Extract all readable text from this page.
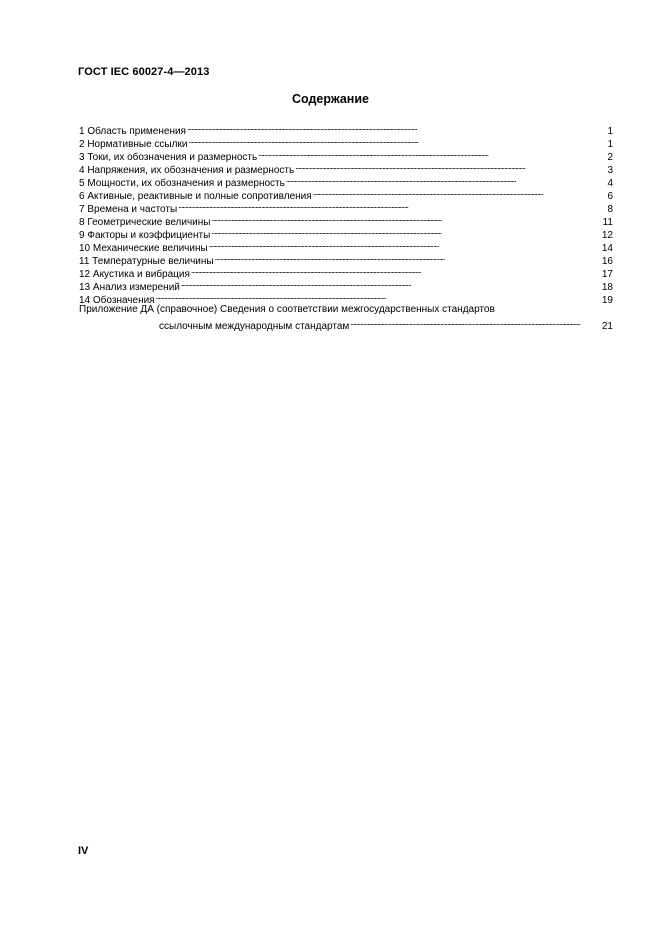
ГОСТ IEC 60027-4—2013
Содержание
1 Область применения . . .	1
2 Нормативные ссылки . . .	1
3 Токи, их обозначения и размерность . . .	2
4 Напряжения, их обозначения и размерность . . .	3
5 Мощности, их обозначения и размерность . . .	4
6 Активные, реактивные и полные сопротивления . . .	6
7 Времена и частоты . . .	8
8 Геометрические величины . . .	11
9 Факторы и коэффициенты . . .	12
10 Механические величины . . .	14
11 Температурные величины . . .	16
12 Акустика и вибрация . . .	17
13 Анализ измерений . . .	18
14 Обозначения . . .	19
Приложение ДА (справочное) Сведения о соответствии межгосударственных стандартов
ссылочным международным стандартам . . .	21
IV
